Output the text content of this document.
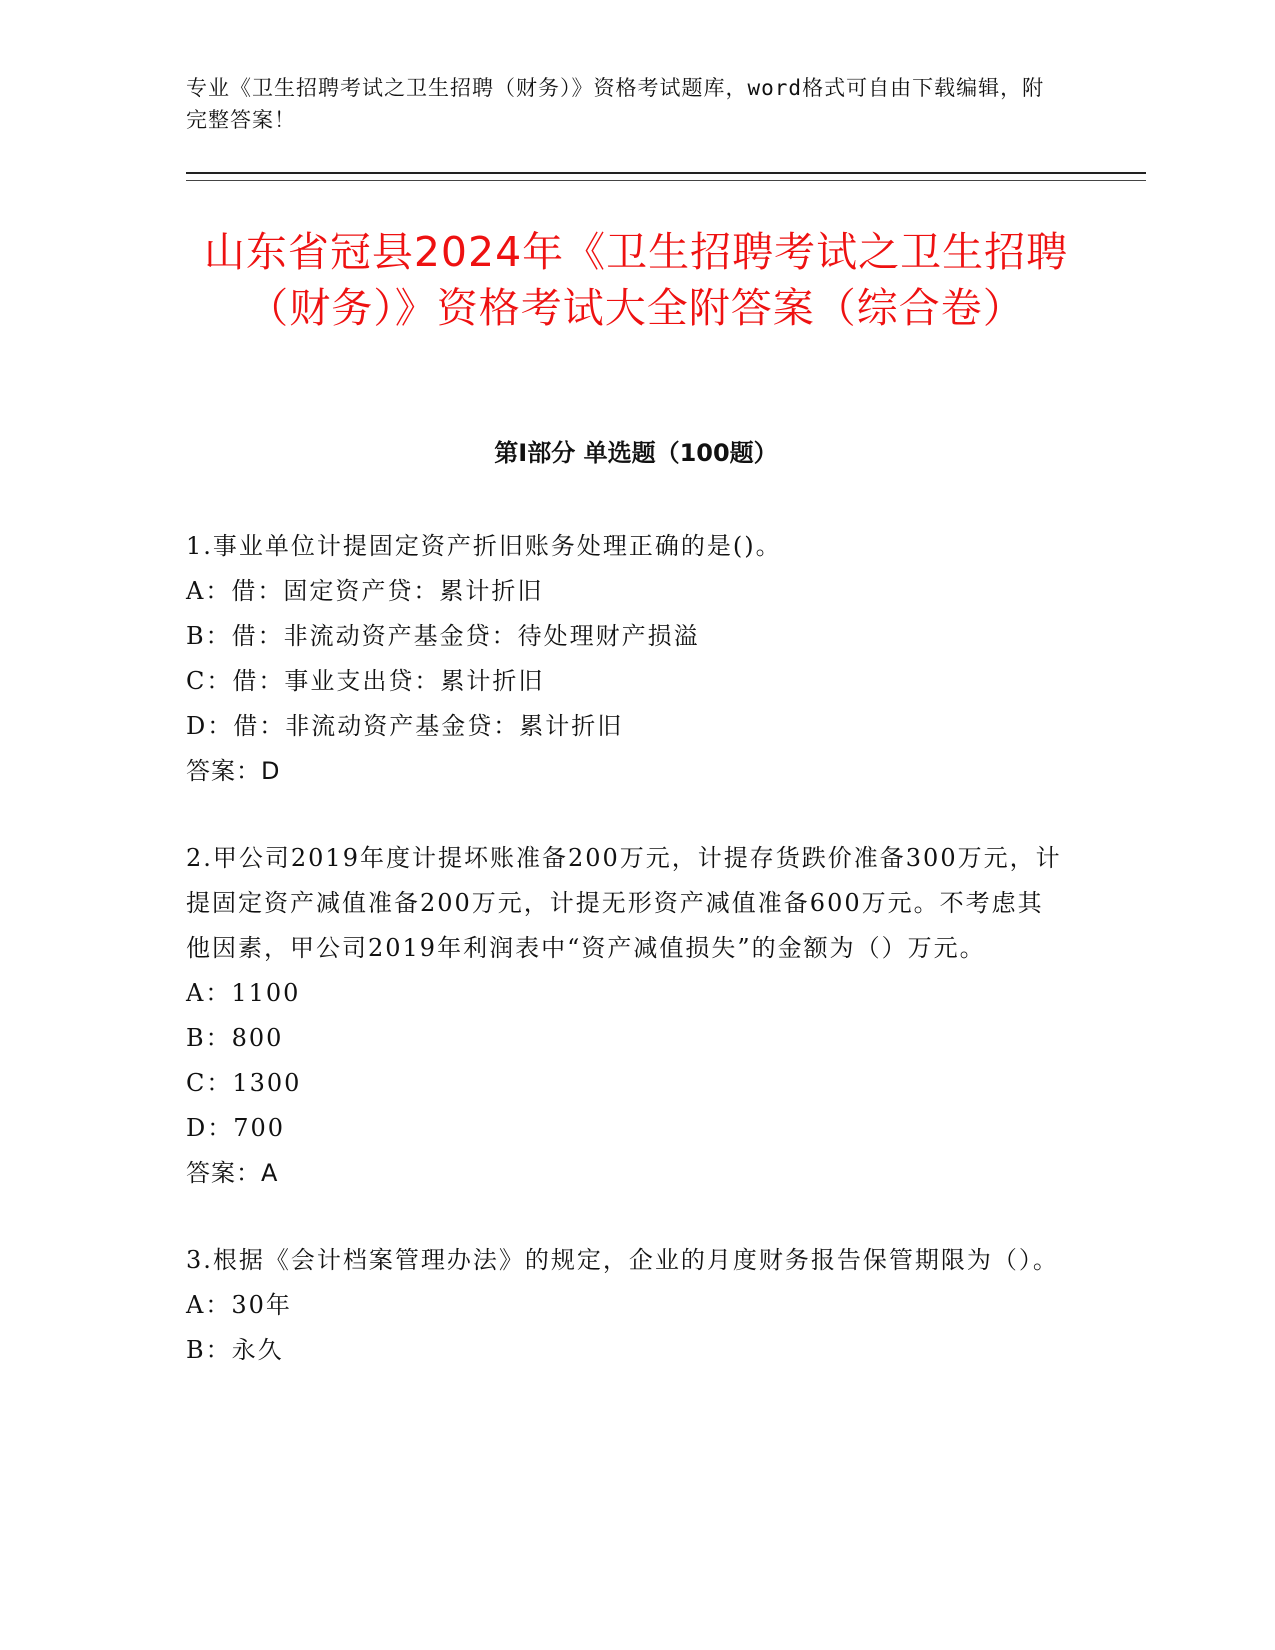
专业《卫生招聘考试之卫生招聘（财务）》资格考试题库，word格式可自由下载编辑，附完整答案！
山东省冠县2024年《卫生招聘考试之卫生招聘（财务）》资格考试大全附答案（综合卷）
第I部分 单选题（100题）
1.事业单位计提固定资产折旧账务处理正确的是()。
A：借：固定资产贷：累计折旧
B：借：非流动资产基金贷：待处理财产损溢
C：借：事业支出贷：累计折旧
D：借：非流动资产基金贷：累计折旧
答案：D
2.甲公司2019年度计提坏账准备200万元，计提存货跌价准备300万元，计提固定资产减值准备200万元，计提无形资产减值准备600万元。不考虑其他因素，甲公司2019年利润表中“资产减值损失”的金额为（）万元。
A：1100
B：800
C：1300
D：700
答案：A
3.根据《会计档案管理办法》的规定，企业的月度财务报告保管期限为（）。
A：30年
B：永久
